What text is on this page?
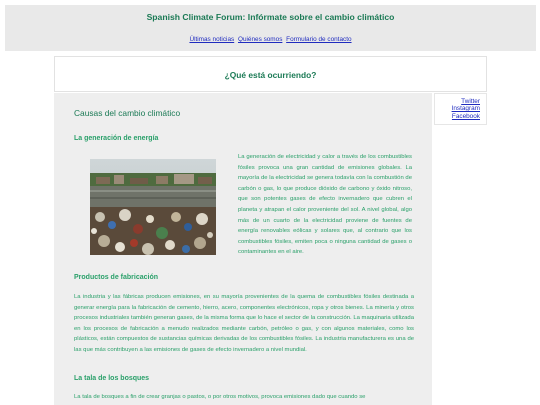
Spanish Climate Forum: Infórmate sobre el cambio climático
Últimas noticias Quiénes somos Formulario de contacto
¿Qué está ocurriendo?
Causas del cambio climático
La generación de energía

La generación de electricidad y calor a través de los combustibles fósiles provoca una gran cantidad de emisiones globales. La mayoría de la electricidad se genera todavía con la combustión de carbón o gas, lo que produce dióxido de carbono y óxido nitroso, que son potentes gases de efecto invernadero que cubren el planeta y atrapan el calor proveniente del sol. A nivel global, algo más de un cuarto de la electricidad proviene de fuentes de energía renovables eólicas y solares que, al contrario que los combustibles fósiles, emiten poca o ninguna cantidad de gases o contaminantes en el aire.

Productos de fabricación

La industria y las fábricas producen emisiones, en su mayoría provenientes de la quema de combustibles fósiles destinada a generar energía para la fabricación de cemento, hierro, acero, componentes electrónicos, ropa y otros bienes. La minería y otros procesos industriales también generan gases, de la misma forma que lo hace el sector de la construcción. La maquinaria utilizada en los procesos de fabricación a menudo realizados mediante carbón, petróleo o gas, y con algunos materiales, como los plásticos, están compuestos de sustancias químicas derivadas de los combustibles fósiles. La industria manufacturera es una de las que más contribuyen a las emisiones de gases de efecto invernadero a nivel mundial.

La tala de los bosques

La tala de bosques a fin de crear granjas o pastos, o por otros motivos, provoca emisiones dado que cuando se

Twitter
Instagram
Facebook
